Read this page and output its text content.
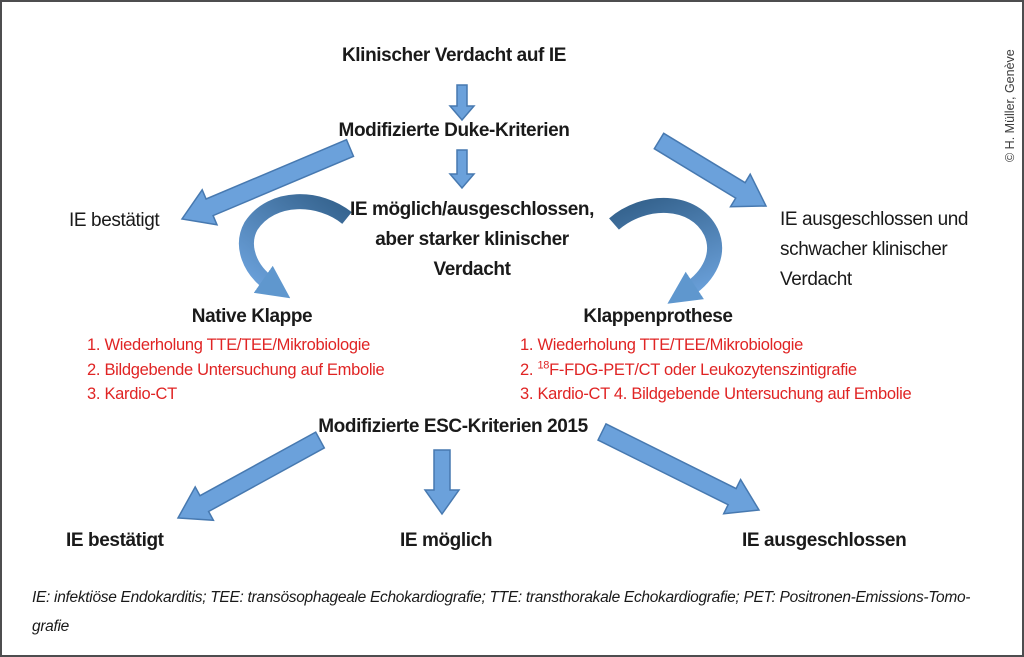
Klinischer Verdacht auf IE
Modifizierte Duke-Kriterien
IE bestätigt
IE möglich/ausgeschlossen,
aber starker klinischer
Verdacht
IE ausgeschlossen und
schwacher klinischer
Verdacht
Native Klappe
1. Wiederholung TTE/TEE/Mikrobiologie
2. Bildgebende Untersuchung auf Embolie
3. Kardio-CT
Klappenprothese
1. Wiederholung TTE/TEE/Mikrobiologie
2. $^{18}$F-FDG-PET/CT oder Leukozytenszintigrafie
3. Kardio-CT 4. Bildgebende Untersuchung auf Embolie
Modifizierte ESC-Kriterien 2015
IE bestätigt	IE möglich	IE ausgeschlossen
IE: infektiöse Endokarditis; TEE: transösophageale Echokardiografie; TTE: transthorakale Echokardiografie; PET: Positronen-Emissions-Tomo-
grafie
© H. Müller, Genève
